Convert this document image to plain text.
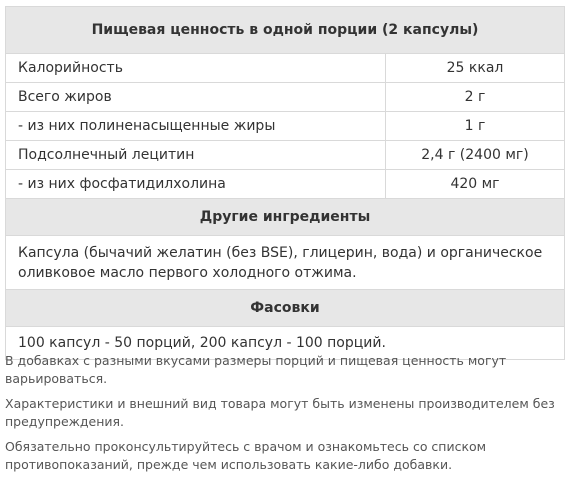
Пищевая ценность в одной порции (2 капсулы)	
Калорийность	25 ккал
Всего жиров	2 г
- из них полиненасыщенные жиры	1 г
Подсолнечный лецитин	2,4 г (2400 мг)
- из них фосфатидилхолина	420 мг
Другие ингредиенты	
Капсула (бычачий желатин (без BSE), глицерин, вода) и органическое оливковое масло первого холодного отжима.	
Фасовки	
100 капсул - 50 порций, 200 капсул - 100 порций.	

В добавках с разными вкусами размеры порций и пищевая ценность могут варьироваться.

Характеристики и внешний вид товара могут быть изменены производителем без предупреждения.

Обязательно проконсультируйтесь с врачом и ознакомьтесь со списком противопоказаний, прежде чем использовать какие-либо добавки.
